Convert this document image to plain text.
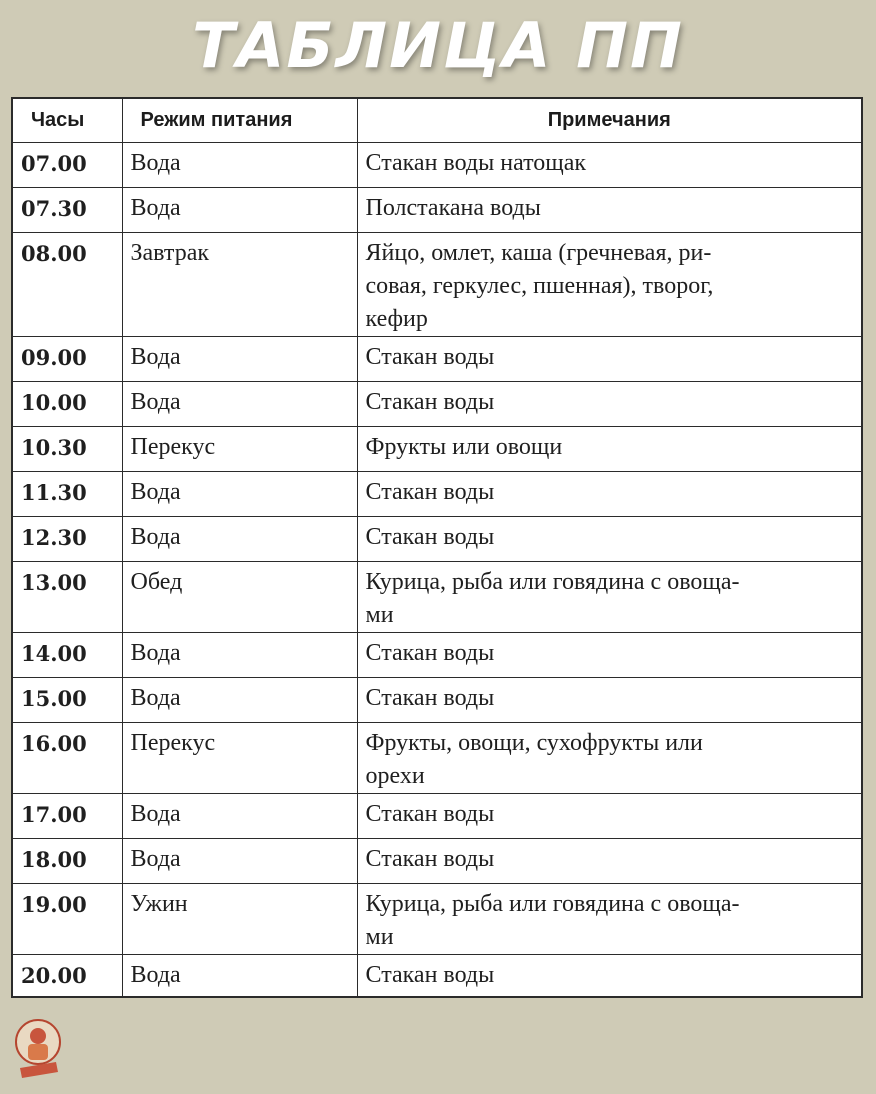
ТАБЛИЦА ПП
Часы	Режим питания	Примечания
07.00	Вода	Стакан воды натощак
07.30	Вода	Полстакана воды
08.00	Завтрак	Яйцо, омлет, каша (гречневая, ри-
совая, геркулес, пшенная), творог,
кефир
09.00	Вода	Стакан воды
10.00	Вода	Стакан воды
10.30	Перекус	Фрукты или овощи
11.30	Вода	Стакан воды
12.30	Вода	Стакан воды
13.00	Обед	Курица, рыба или говядина с овоща-
ми
14.00	Вода	Стакан воды
15.00	Вода	Стакан воды
16.00	Перекус	Фрукты, овощи, сухофрукты или
орехи
17.00	Вода	Стакан воды
18.00	Вода	Стакан воды
19.00	Ужин	Курица, рыба или говядина с овоща-
ми
20.00	Вода	Стакан воды
